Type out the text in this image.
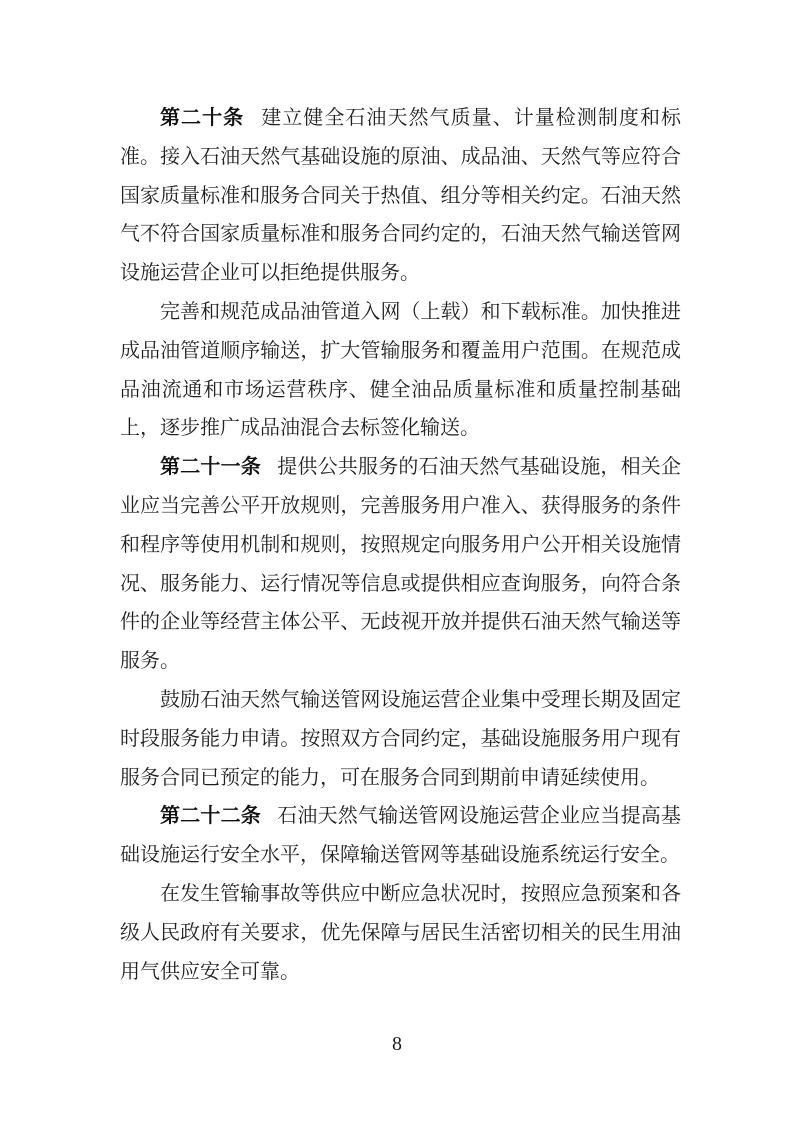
第二十条 建立健全石油天然气质量、计量检测制度和标准。接入石油天然气基础设施的原油、成品油、天然气等应符合国家质量标准和服务合同关于热值、组分等相关约定。石油天然气不符合国家质量标准和服务合同约定的，石油天然气输送管网设施运营企业可以拒绝提供服务。

完善和规范成品油管道入网（上载）和下载标准。加快推进成品油管道顺序输送，扩大管输服务和覆盖用户范围。在规范成品油流通和市场运营秩序、健全油品质量标准和质量控制基础上，逐步推广成品油混合去标签化输送。

第二十一条 提供公共服务的石油天然气基础设施，相关企业应当完善公平开放规则，完善服务用户准入、获得服务的条件和程序等使用机制和规则，按照规定向服务用户公开相关设施情况、服务能力、运行情况等信息或提供相应查询服务，向符合条件的企业等经营主体公平、无歧视开放并提供石油天然气输送等服务。

鼓励石油天然气输送管网设施运营企业集中受理长期及固定时段服务能力申请。按照双方合同约定，基础设施服务用户现有服务合同已预定的能力，可在服务合同到期前申请延续使用。

第二十二条 石油天然气输送管网设施运营企业应当提高基础设施运行安全水平，保障输送管网等基础设施系统运行安全。

在发生管输事故等供应中断应急状况时，按照应急预案和各级人民政府有关要求，优先保障与居民生活密切相关的民生用油用气供应安全可靠。

8
